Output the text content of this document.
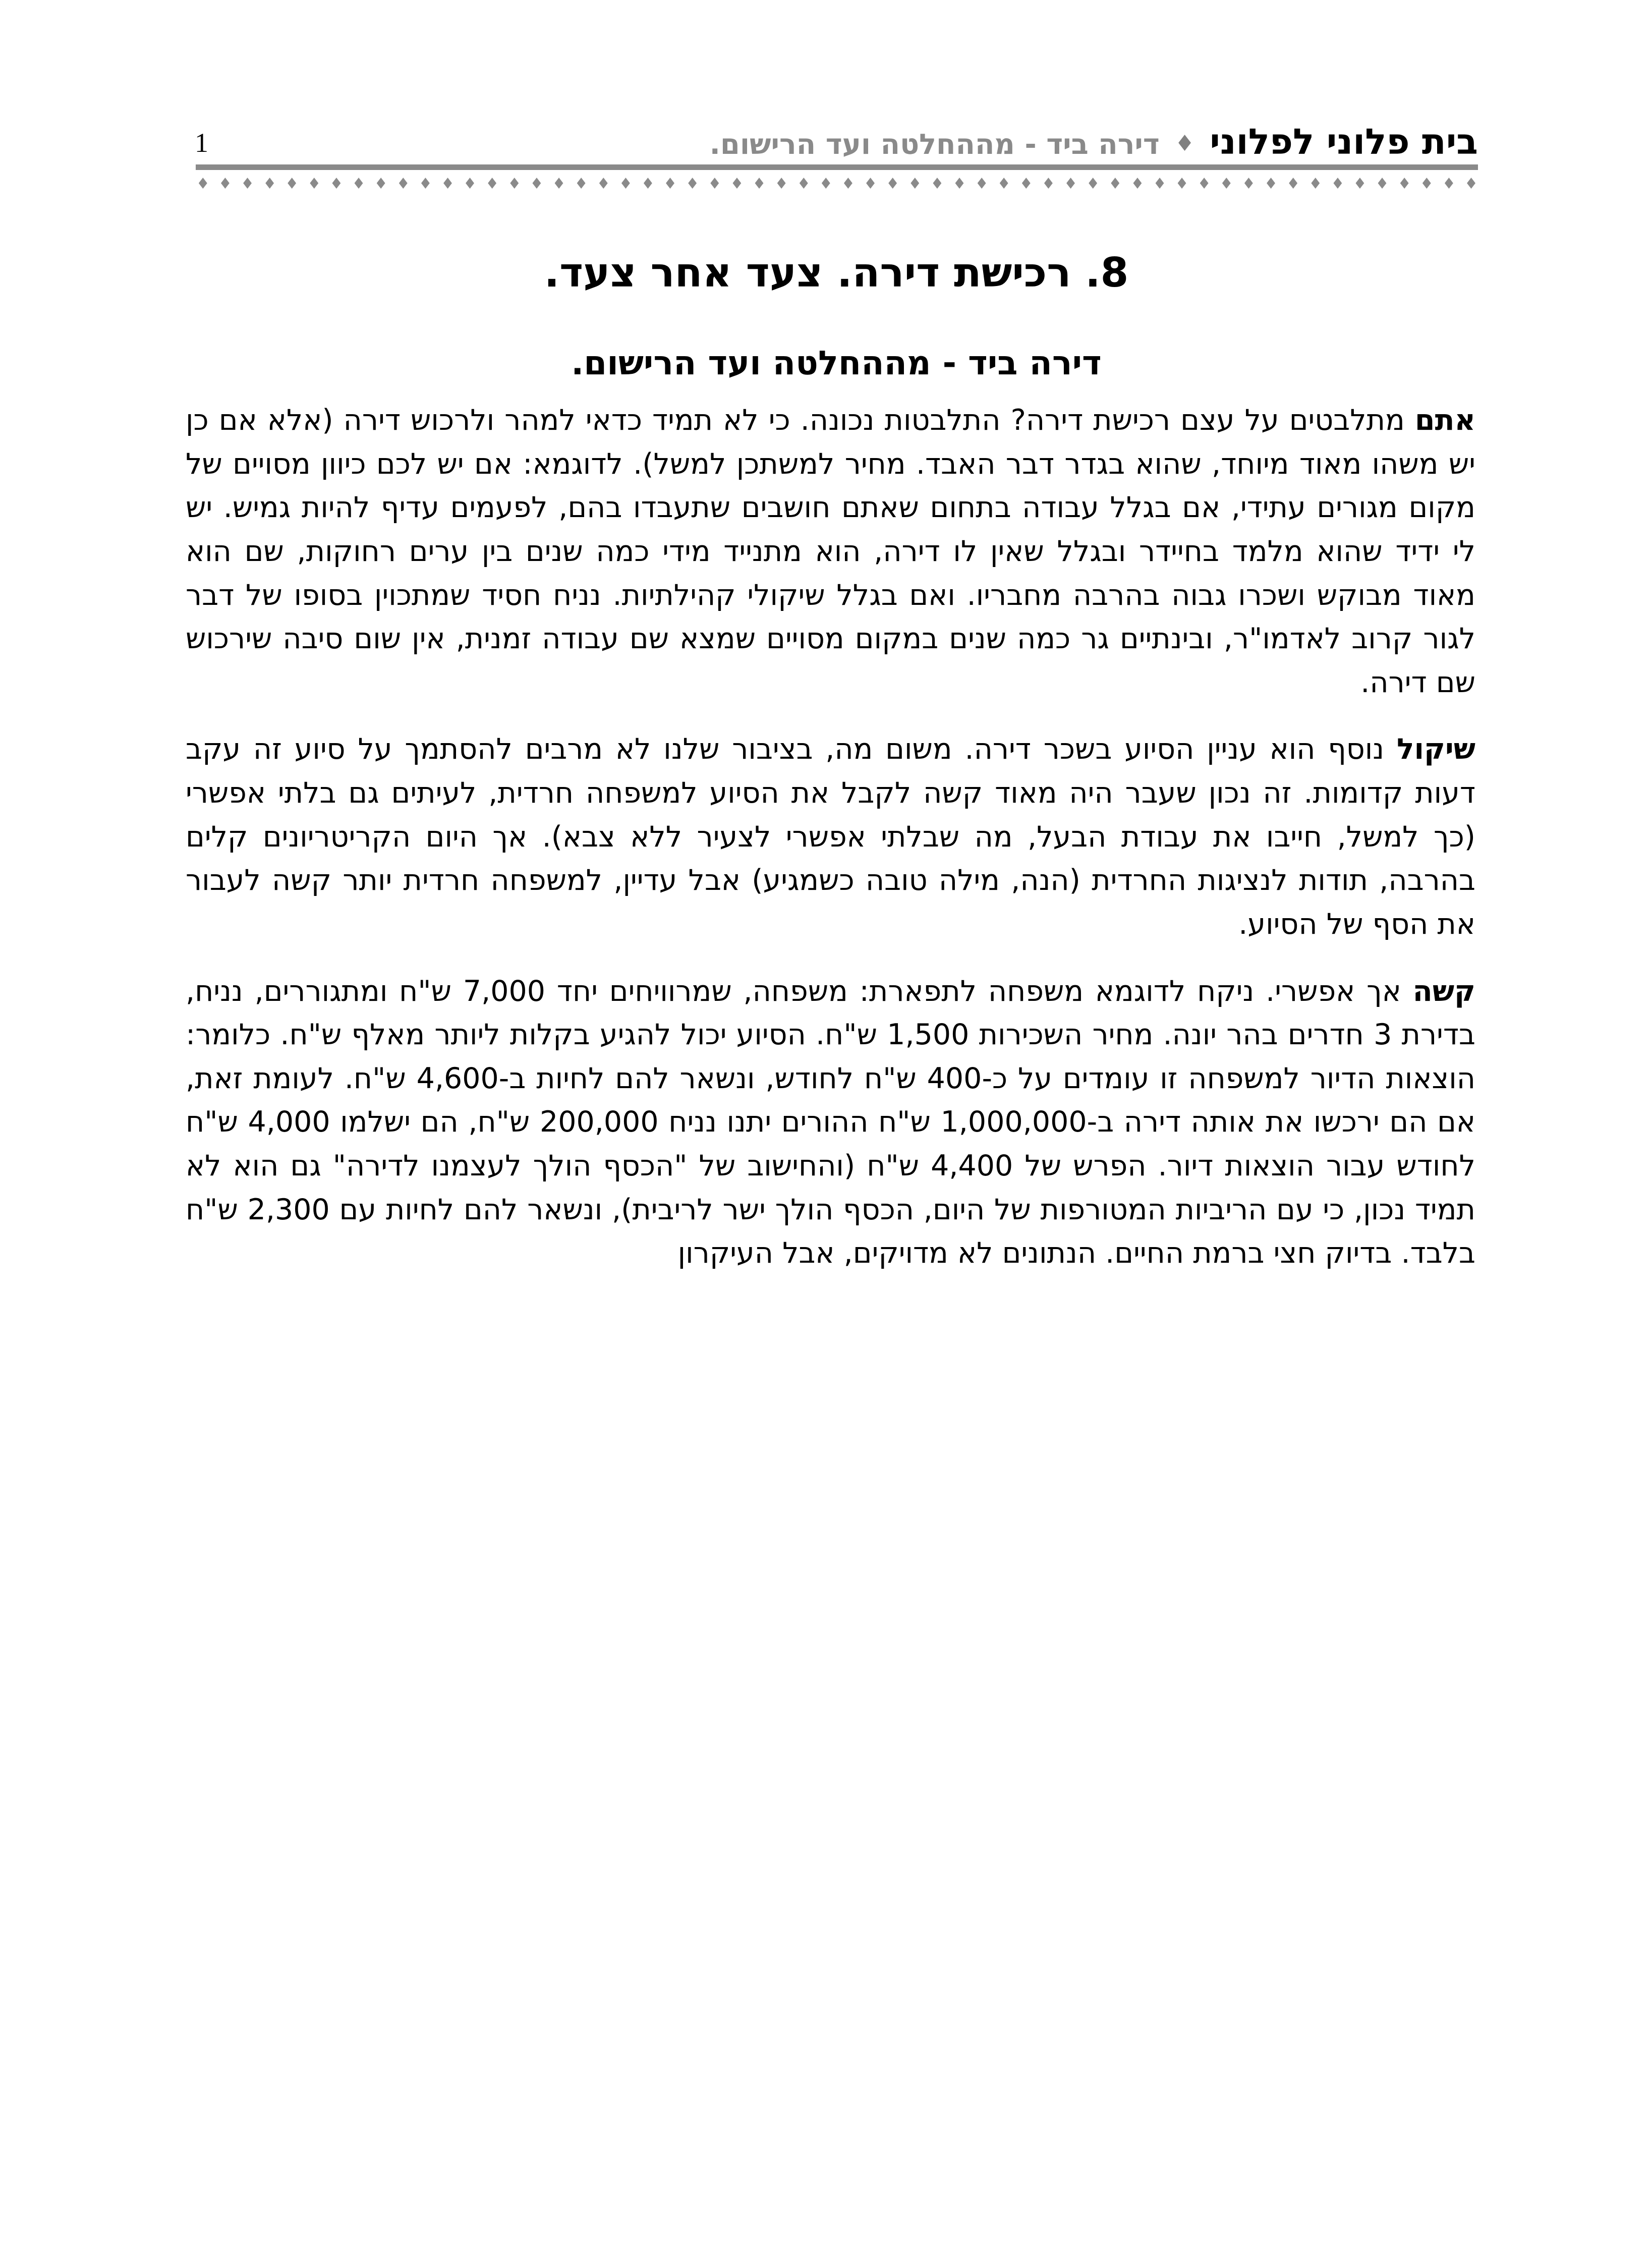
1	בית פלוני לפלוני
♦
דירה ביד - מההחלטה ועד הרישום.
♦
♦
♦
♦
♦
♦
♦
♦
♦
♦
♦
♦
♦
♦
♦
♦
♦
♦
♦
♦
♦
♦
♦
♦
♦
♦
♦
♦
♦
♦
♦
♦
♦
♦
♦
♦
♦
♦
♦
♦
♦
♦
♦
♦
♦
♦
♦
♦
♦
♦
♦
♦
♦
♦
♦
♦
♦
♦
8. רכישת דירה. צעד אחר צעד.
דירה ביד - מההחלטה ועד הרישום.

אתם מתלבטים על עצם רכישת דירה? התלבטות נכונה. כי לא תמיד כדאי למהר ולרכוש דירה (אלא אם כן יש משהו מאוד מיוחד, שהוא בגדר דבר האבד. מחיר למשתכן למשל). לדוגמא: אם יש לכם כיוון מסויים של מקום מגורים עתידי, אם בגלל עבודה בתחום שאתם חושבים שתעבדו בהם, לפעמים עדיף להיות גמיש. יש לי ידיד שהוא מלמד בחיידר ובגלל שאין לו דירה, הוא מתנייד מידי כמה שנים בין ערים רחוקות, שם הוא מאוד מבוקש ושכרו גבוה בהרבה מחבריו. ואם בגלל שיקולי קהילתיות. נניח חסיד שמתכוין בסופו של דבר לגור קרוב לאדמו"ר, ובינתיים גר כמה שנים במקום מסויים שמצא שם עבודה זמנית, אין שום סיבה שירכוש שם דירה.

שיקול נוסף הוא עניין הסיוע בשכר דירה. משום מה, בציבור שלנו לא מרבים להסתמך על סיוע זה עקב דעות קדומות. זה נכון שעבר היה מאוד קשה לקבל את הסיוע למשפחה חרדית, לעיתים גם בלתי אפשרי (כך למשל, חייבו את עבודת הבעל, מה שבלתי אפשרי לצעיר ללא צבא). אך היום הקריטריונים קלים בהרבה, תודות לנציגות החרדית (הנה, מילה טובה כשמגיע) אבל עדיין, למשפחה חרדית יותר קשה לעבור את הסף של הסיוע.

קשה אך אפשרי. ניקח לדוגמא משפחה לתפארת: משפחה, שמרוויחים יחד 7,000 ש"ח ומתגוררים, נניח, בדירת 3 חדרים בהר יונה. מחיר השכירות 1,500 ש"ח. הסיוע יכול להגיע בקלות ליותר מאלף ש"ח. כלומר: הוצאות הדיור למשפחה זו עומדים על כ-400 ש"ח לחודש, ונשאר להם לחיות ב-4,600 ש"ח. לעומת זאת, אם הם ירכשו את אותה דירה ב-1,000,000 ש"ח ההורים יתנו נניח 200,000 ש"ח, הם ישלמו 4,000 ש"ח לחודש עבור הוצאות דיור. הפרש של 4,400 ש"ח (והחישוב של "הכסף הולך לעצמנו לדירה" גם הוא לא תמיד נכון, כי עם הריביות המטורפות של היום, הכסף הולך ישר לריבית), ונשאר להם לחיות עם 2,300 ש"ח בלבד. בדיוק חצי ברמת החיים. הנתונים לא מדויקים, אבל העיקרון
